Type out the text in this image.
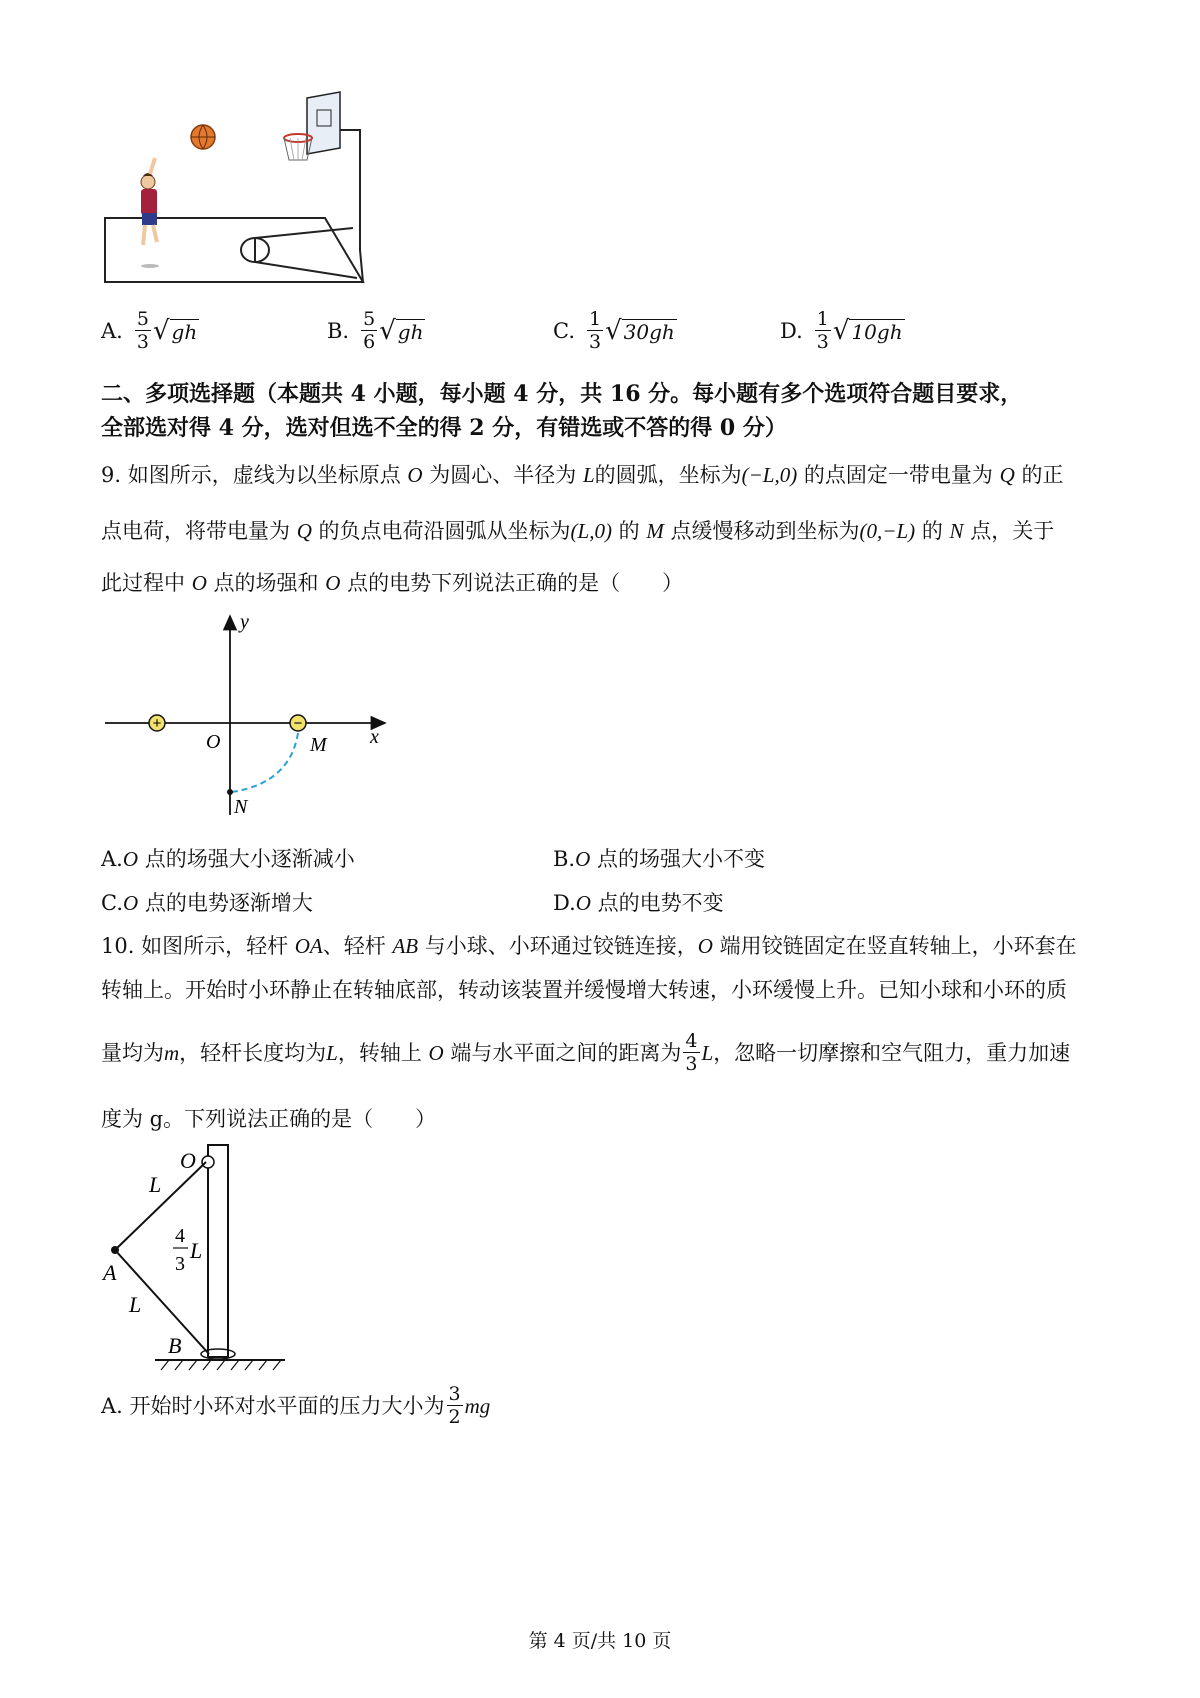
A. $\frac{5}{3}$ √ gh	B. $\frac{5}{6}$ √ gh	C. $\frac{1}{3}$ √ 30gh	D. $\frac{1}{3}$ √ 10gh
二、多项选择题（本题共 4 小题，每小题 4 分，共 16 分。每小题有多个选项符合题目要求，
全部选对得 4 分，选对但选不全的得 2 分，有错选或不答的得 0 分）
9. 如图所示，虚线为以坐标原点 O 为圆心、半径为 L的圆弧，坐标为(−L,0) 的点固定一带电量为 Q 的正
点电荷，将带电量为 Q 的负点电荷沿圆弧从坐标为(L,0) 的 M 点缓慢移动到坐标为(0,−L) 的 N 点，关于
此过程中 O 点的场强和 O 点的电势下列说法正确的是（　　）
+	−
y
O	M x
N
A.O 点的场强大小逐渐减小	B.O 点的场强大小不变
C.O 点的电势逐渐增大	D.O 点的电势不变
10. 如图所示，轻杆 OA、轻杆 AB 与小球、小环通过铰链连接，O 端用铰链固定在竖直转轴上，小环套在
转轴上。开始时小环静止在转轴底部，转动该装置并缓慢增大转速，小环缓慢上升。已知小球和小环的质
量均为 m ，轻杆长度均为 L ，转轴上
O
端与水平面之间的距离为 $\frac{4}{3}$ L ，忽略一切摩擦和空气阻力，重力加速
度为 g。下列说法正确的是（　　）
O
L
A
L
B
4
3
L
A. 开始时小环对水平面的压力大小为 $\frac{3}{2}$ mg
第 4 页/共 10 页
